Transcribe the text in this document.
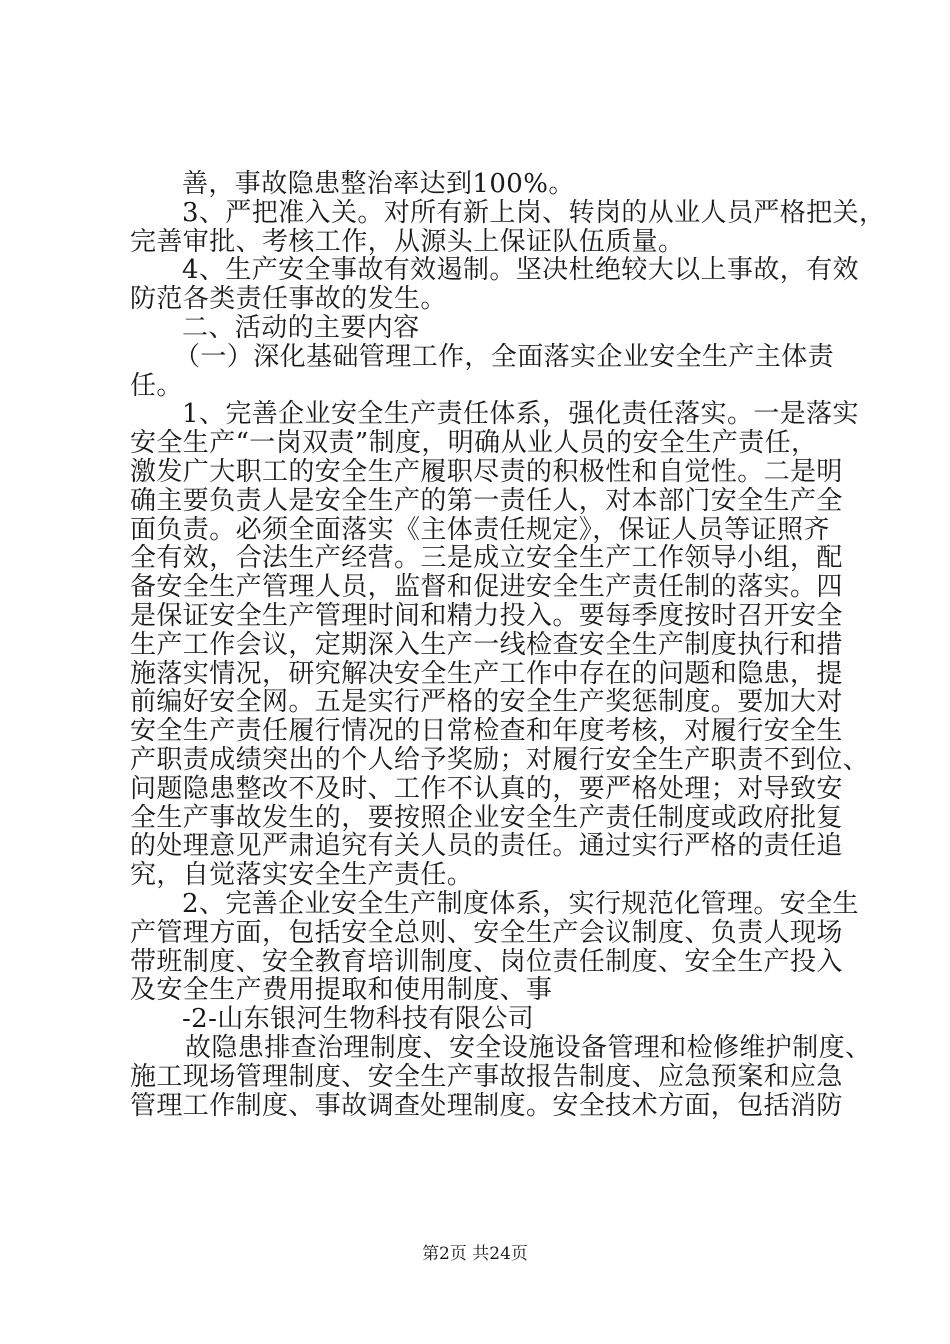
善，事故隐患整治率达到100%。
3、严把准入关。对所有新上岗、转岗的从业人员严格把关，
完善审批、考核工作，从源头上保证队伍质量。
4、生产安全事故有效遏制。坚决杜绝较大以上事故，有效
防范各类责任事故的发生。
二、活动的主要内容
（一）深化基础管理工作，全面落实企业安全生产主体责
任。
1、完善企业安全生产责任体系，强化责任落实。一是落实
安全生产“一岗双责”制度，明确从业人员的安全生产责任，
激发广大职工的安全生产履职尽责的积极性和自觉性。二是明
确主要负责人是安全生产的第一责任人，对本部门安全生产全
面负责。必须全面落实《主体责任规定》，保证人员等证照齐
全有效，合法生产经营。三是成立安全生产工作领导小组，配
备安全生产管理人员，监督和促进安全生产责任制的落实。四
是保证安全生产管理时间和精力投入。要每季度按时召开安全
生产工作会议，定期深入生产一线检查安全生产制度执行和措
施落实情况，研究解决安全生产工作中存在的问题和隐患，提
前编好安全网。五是实行严格的安全生产奖惩制度。要加大对
安全生产责任履行情况的日常检查和年度考核，对履行安全生
产职责成绩突出的个人给予奖励；对履行安全生产职责不到位、
问题隐患整改不及时、工作不认真的，要严格处理；对导致安
全生产事故发生的，要按照企业安全生产责任制度或政府批复
的处理意见严肃追究有关人员的责任。通过实行严格的责任追
究，自觉落实安全生产责任。
2、完善企业安全生产制度体系，实行规范化管理。安全生
产管理方面，包括安全总则、安全生产会议制度、负责人现场
带班制度、安全教育培训制度、岗位责任制度、安全生产投入
及安全生产费用提取和使用制度、事
-2-山东银河生物科技有限公司
故隐患排查治理制度、安全设施设备管理和检修维护制度、
施工现场管理制度、安全生产事故报告制度、应急预案和应急
管理工作制度、事故调查处理制度。安全技术方面，包括消防
第2页 共24页
